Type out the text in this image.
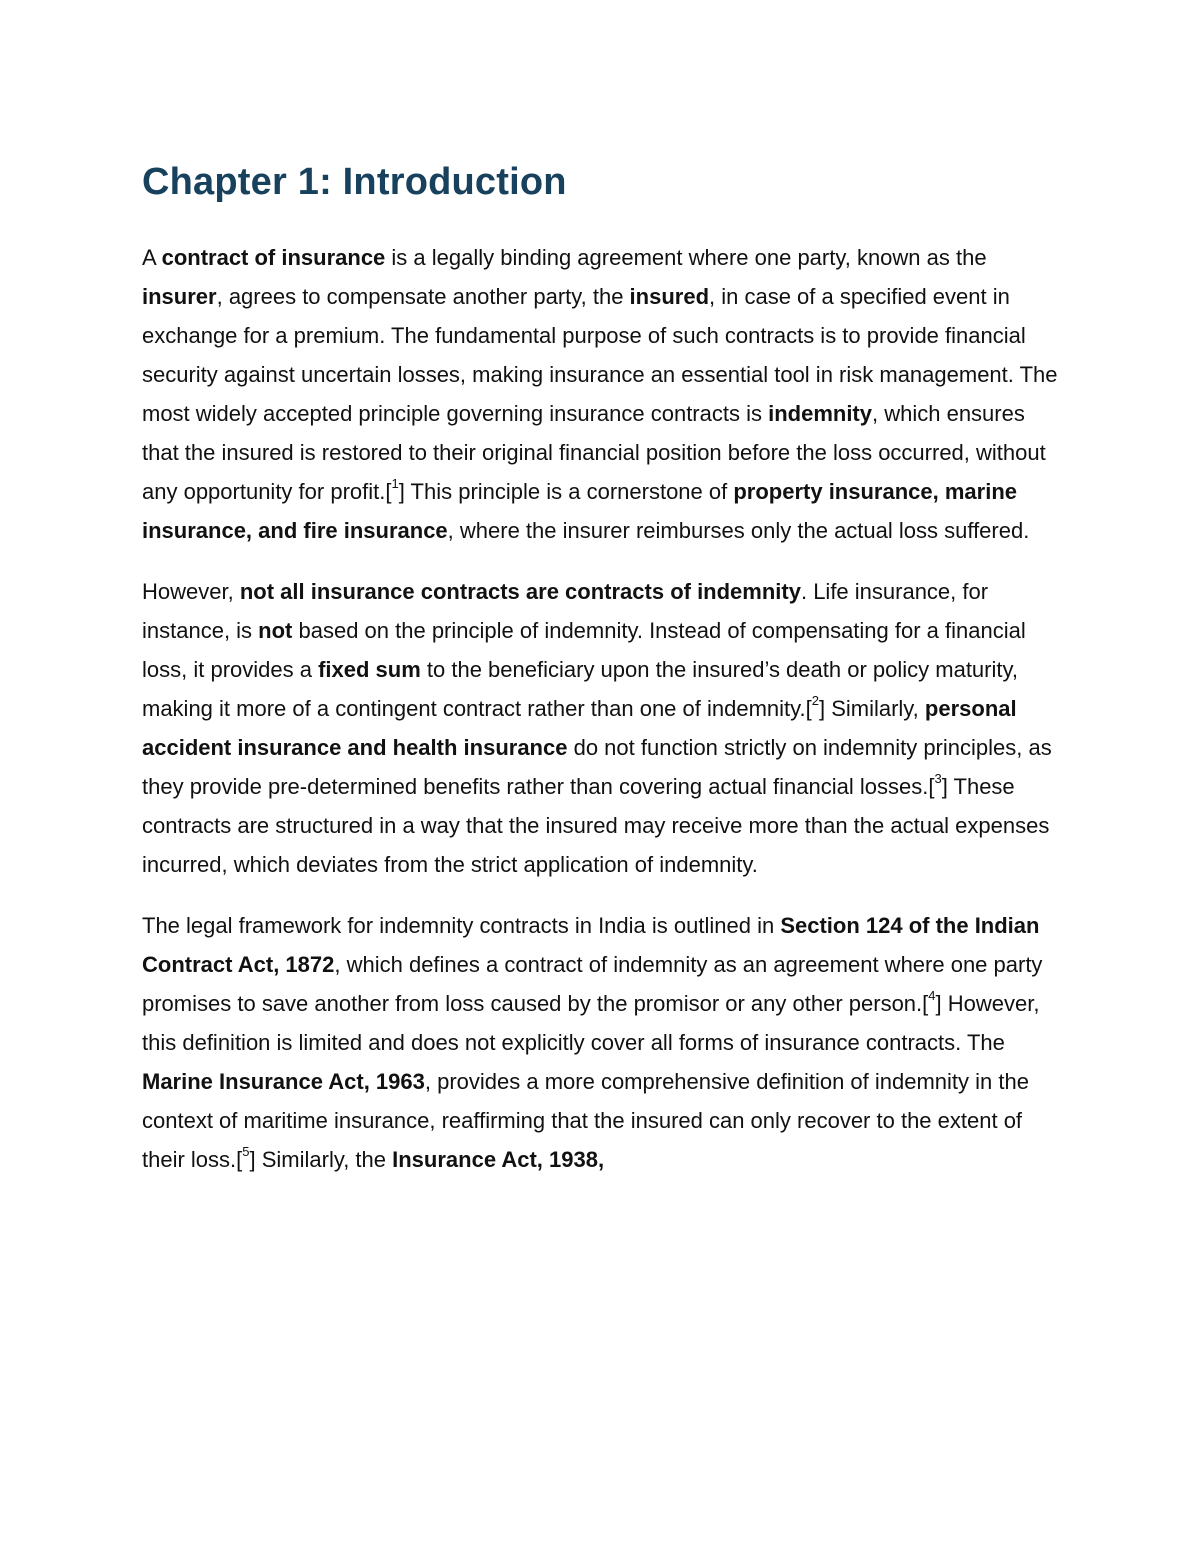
Chapter 1: Introduction

A contract of insurance is a legally binding agreement where one party, known as the insurer, agrees to compensate another party, the insured, in case of a specified event in exchange for a premium. The fundamental purpose of such contracts is to provide financial security against uncertain losses, making insurance an essential tool in risk management. The most widely accepted principle governing insurance contracts is indemnity, which ensures that the insured is restored to their original financial position before the loss occurred, without any opportunity for profit.[$^1$] This principle is a cornerstone of property insurance, marine insurance, and fire insurance, where the insurer reimburses only the actual loss suffered.

However, not all insurance contracts are contracts of indemnity. Life insurance, for instance, is not based on the principle of indemnity. Instead of compensating for a financial loss, it provides a fixed sum to the beneficiary upon the insured’s death or policy maturity, making it more of a contingent contract rather than one of indemnity.[$^2$] Similarly, personal accident insurance and health insurance do not function strictly on indemnity principles, as they provide pre-determined benefits rather than covering actual financial losses.[$^3$] These contracts are structured in a way that the insured may receive more than the actual expenses incurred, which deviates from the strict application of indemnity.

The legal framework for indemnity contracts in India is outlined in Section 124 of the Indian Contract Act, 1872, which defines a contract of indemnity as an agreement where one party promises to save another from loss caused by the promisor or any other person.[$^4$] However, this definition is limited and does not explicitly cover all forms of insurance contracts. The Marine Insurance Act, 1963, provides a more comprehensive definition of indemnity in the context of maritime insurance, reaffirming that the insured can only recover to the extent of their loss.[$^5$] Similarly, the Insurance Act, 1938,
